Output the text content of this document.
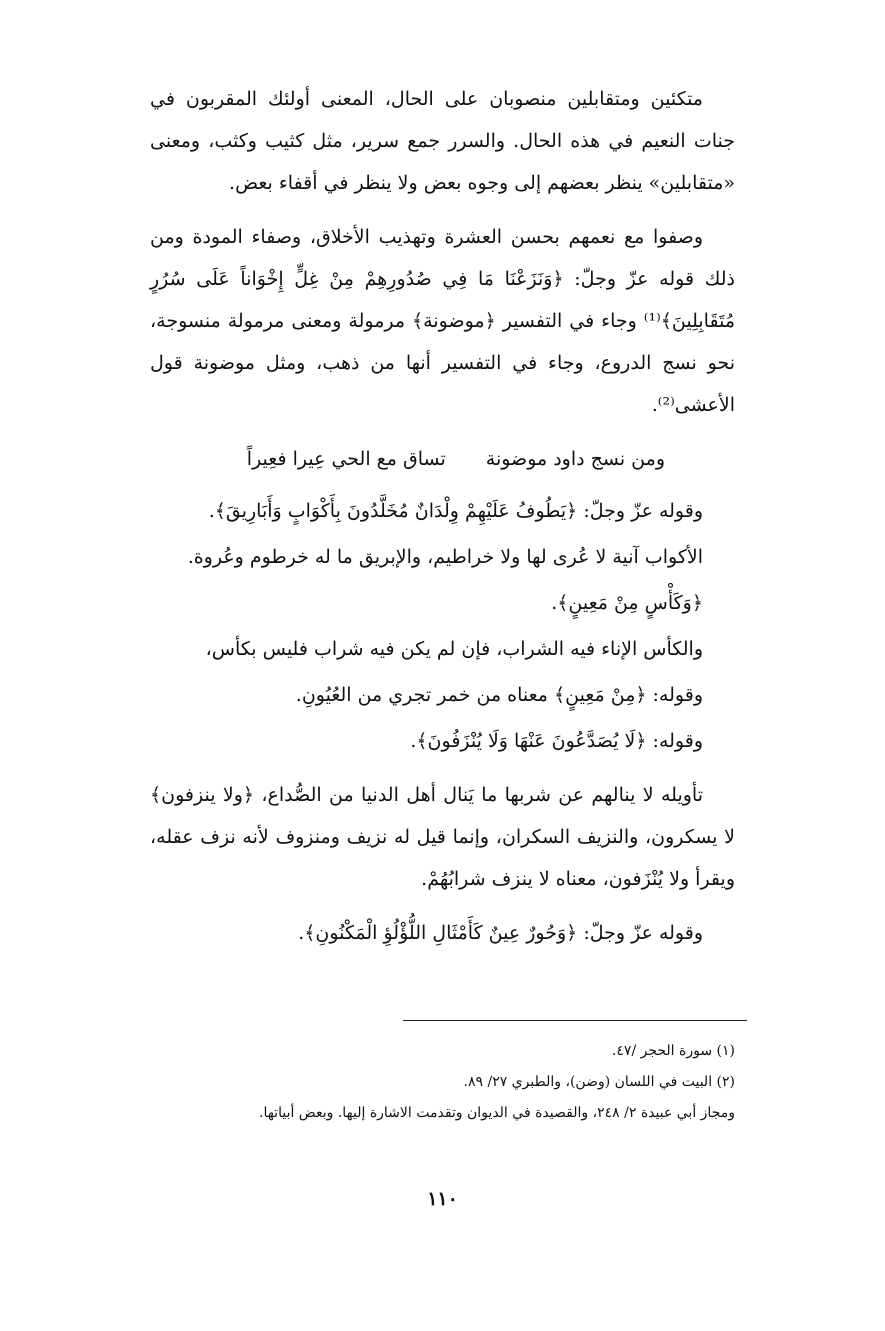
متكئين ومتقابلين منصوبان على الحال، المعنى أولئك المقربون في جنات النعيم في هذه الحال. والسرر جمع سرير، مثل كثيب وكثب، ومعنى «متقابلين» ينظر بعضهم إلى وجوه بعض ولا ينظر في أقفاء بعض.

وصفوا مع نعمهم بحسن العشرة وتهذيب الأخلاق، وصفاء المودة ومن ذلك قوله عزّ وجلّ: ﴿وَنَزَعْنَا مَا فِي صُدُورِهِمْ مِنْ غِلٍّ إِخْوَاناً عَلَى سُرُرٍ مُتَقَابِلِينَ﴾⁽¹⁾ وجاء في التفسير ﴿موضونة﴾ مرمولة ومعنى مرمولة منسوجة، نحو نسج الدروع، وجاء في التفسير أنها من ذهب، ومثل موضونة قول الأعشى⁽²⁾.

ومن نسج داود موضونةتساق مع الحي عِيرا فعِيراً

وقوله عزّ وجلّ: ﴿يَطُوفُ عَلَيْهِمْ وِلْدَانٌ مُخَلَّدُونَ بِأَكْوَابٍ وَأَبَارِيقَ﴾.

الأكواب آنية لا عُرى لها ولا خراطيم، والإبريق ما له خرطوم وعُروة.

﴿وَكَأْسٍ مِنْ مَعِينٍ﴾.

والكأس الإناء فيه الشراب، فإن لم يكن فيه شراب فليس بكأس،

وقوله: ﴿مِنْ مَعِينٍ﴾ معناه من خمر تجري من العُيُونِ.

وقوله: ﴿لَا يُصَدَّعُونَ عَنْهَا وَلَا يُنْزَفُونَ﴾.

تأويله لا ينالهم عن شربها ما يَنال أهل الدنيا من الصُّداع، ﴿ولا ينزفون﴾ لا يسكرون، والنزيف السكران، وإنما قيل له نزيف ومنزوف لأنه نزف عقله، ويقرأ ولا يُنْزَفون، معناه لا ينزف شرابُهُمْ.

وقوله عزّ وجلّ: ﴿وَحُورٌ عِينٌ كَأَمْثَالِ اللُّؤْلُؤِ الْمَكْنُونِ﴾.

(١) سورة الحجر /٤٧.

(٢) البيت في اللسان (وضن)، والطبري ٢٧/ ٨٩.

ومجاز أبي عبيدة ٢/ ٢٤٨، والقصيدة في الديوان وتقدمت الاشارة إليها. وبعض أبياتها.

١١٠
